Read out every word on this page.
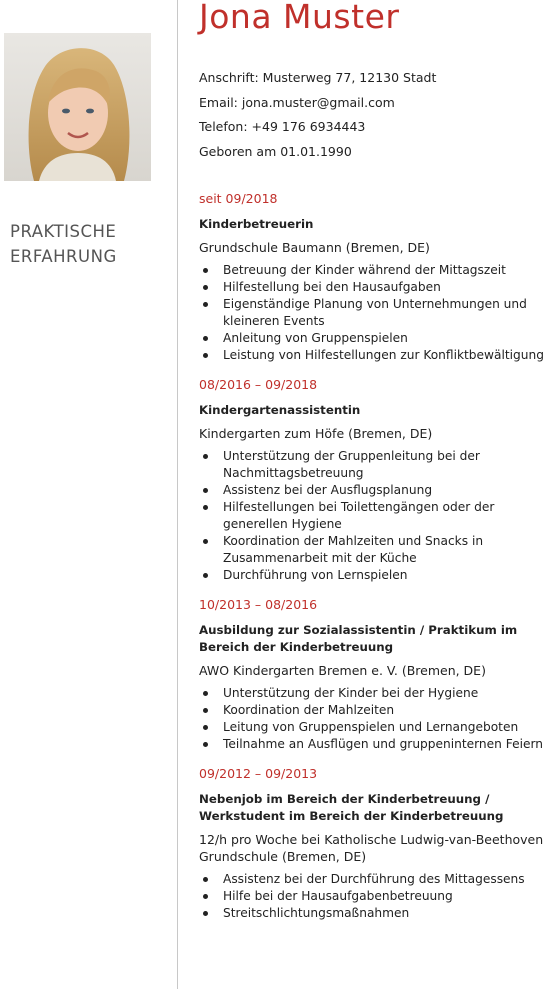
PRAKTISCHE
ERFAHRUNG
Jona Muster
Anschrift: Musterweg 77, 12130 Stadt
Email: jona.muster@gmail.com
Telefon: +49 176 6934443
Geboren am 01.01.1990
seit 09/2018
Kinderbetreuerin
Grundschule Baumann (Bremen, DE)
Betreuung der Kinder während der Mittagszeit
Hilfestellung bei den Hausaufgaben
Eigenständige Planung von Unternehmungen und kleineren Events
Anleitung von Gruppenspielen
Leistung von Hilfestellungen zur Konfliktbewältigung
08/2016 – 09/2018
Kindergartenassistentin
Kindergarten zum Höfe (Bremen, DE)
Unterstützung der Gruppenleitung bei der Nachmittagsbetreuung
Assistenz bei der Ausflugsplanung
Hilfestellungen bei Toilettengängen oder der generellen Hygiene
Koordination der Mahlzeiten und Snacks in Zusammenarbeit mit der Küche
Durchführung von Lernspielen
10/2013 – 08/2016
Ausbildung zur Sozialassistentin / Praktikum im Bereich der Kinderbetreuung
AWO Kindergarten Bremen e. V. (Bremen, DE)
Unterstützung der Kinder bei der Hygiene
Koordination der Mahlzeiten
Leitung von Gruppenspielen und Lernangeboten
Teilnahme an Ausflügen und gruppeninternen Feiern
09/2012 – 09/2013
Nebenjob im Bereich der Kinderbetreuung / Werkstudent im Bereich der Kinderbetreuung
12/h pro Woche bei Katholische Ludwig-van-Beethoven Grundschule (Bremen, DE)
Assistenz bei der Durchführung des Mittagessens
Hilfe bei der Hausaufgabenbetreuung
Streitschlichtungsmaßnahmen
